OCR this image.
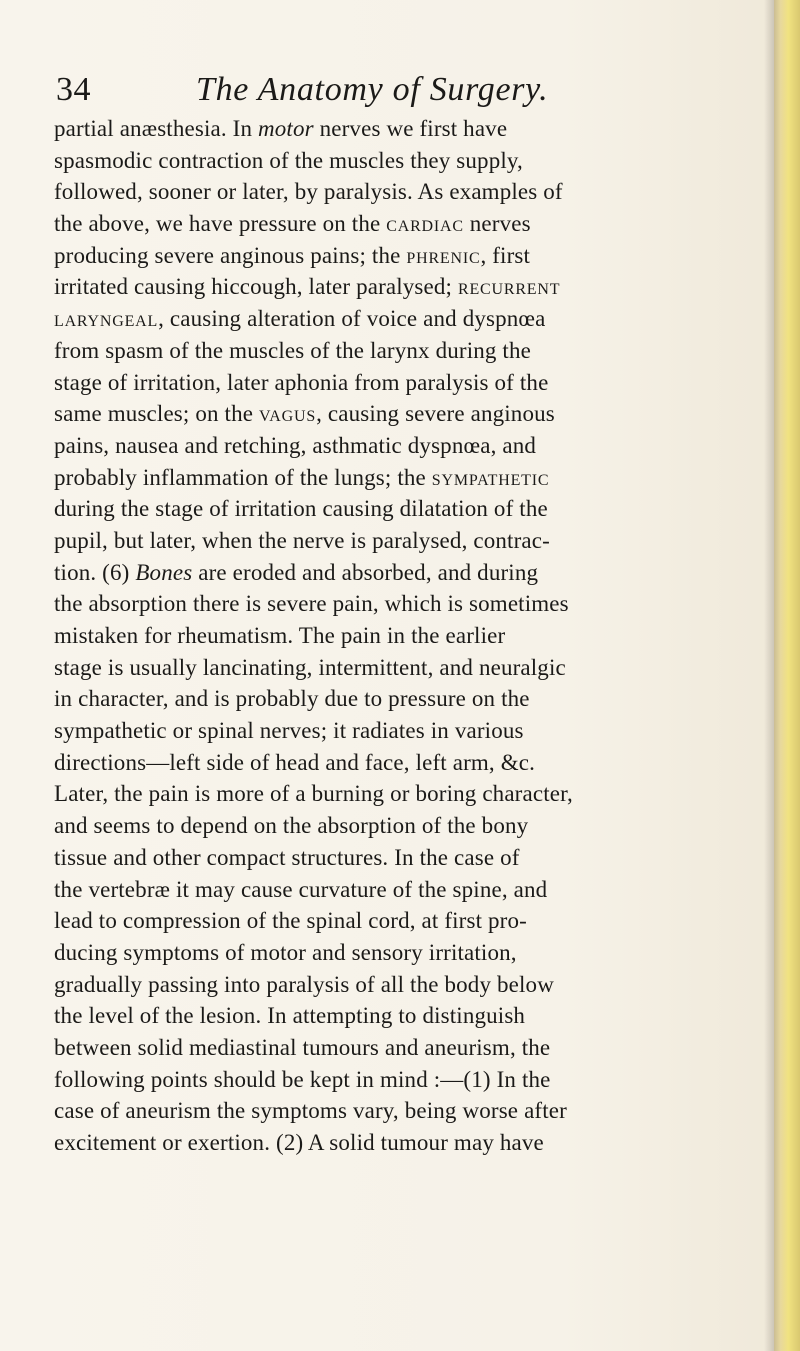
34	The Anatomy of Surgery.
partial anæsthesia. In motor nerves we first have
spasmodic contraction of the muscles they supply,
followed, sooner or later, by paralysis. As examples of
the above, we have pressure on the cardiac nerves
producing severe anginous pains; the phrenic, first
irritated causing hiccough, later paralysed; recurrent
laryngeal, causing alteration of voice and dyspnœa
from spasm of the muscles of the larynx during the
stage of irritation, later aphonia from paralysis of the
same muscles; on the vagus, causing severe anginous
pains, nausea and retching, asthmatic dyspnœa, and
probably inflammation of the lungs; the sympathetic
during the stage of irritation causing dilatation of the
pupil, but later, when the nerve is paralysed, contrac-
tion. (6) Bones are eroded and absorbed, and during
the absorption there is severe pain, which is sometimes
mistaken for rheumatism. The pain in the earlier
stage is usually lancinating, intermittent, and neuralgic
in character, and is probably due to pressure on the
sympathetic or spinal nerves; it radiates in various
directions—left side of head and face, left arm, &c.
Later, the pain is more of a burning or boring character,
and seems to depend on the absorption of the bony
tissue and other compact structures. In the case of
the vertebræ it may cause curvature of the spine, and
lead to compression of the spinal cord, at first pro-
ducing symptoms of motor and sensory irritation,
gradually passing into paralysis of all the body below
the level of the lesion. In attempting to distinguish
between solid mediastinal tumours and aneurism, the
following points should be kept in mind :—(1) In the
case of aneurism the symptoms vary, being worse after
excitement or exertion. (2) A solid tumour may have
